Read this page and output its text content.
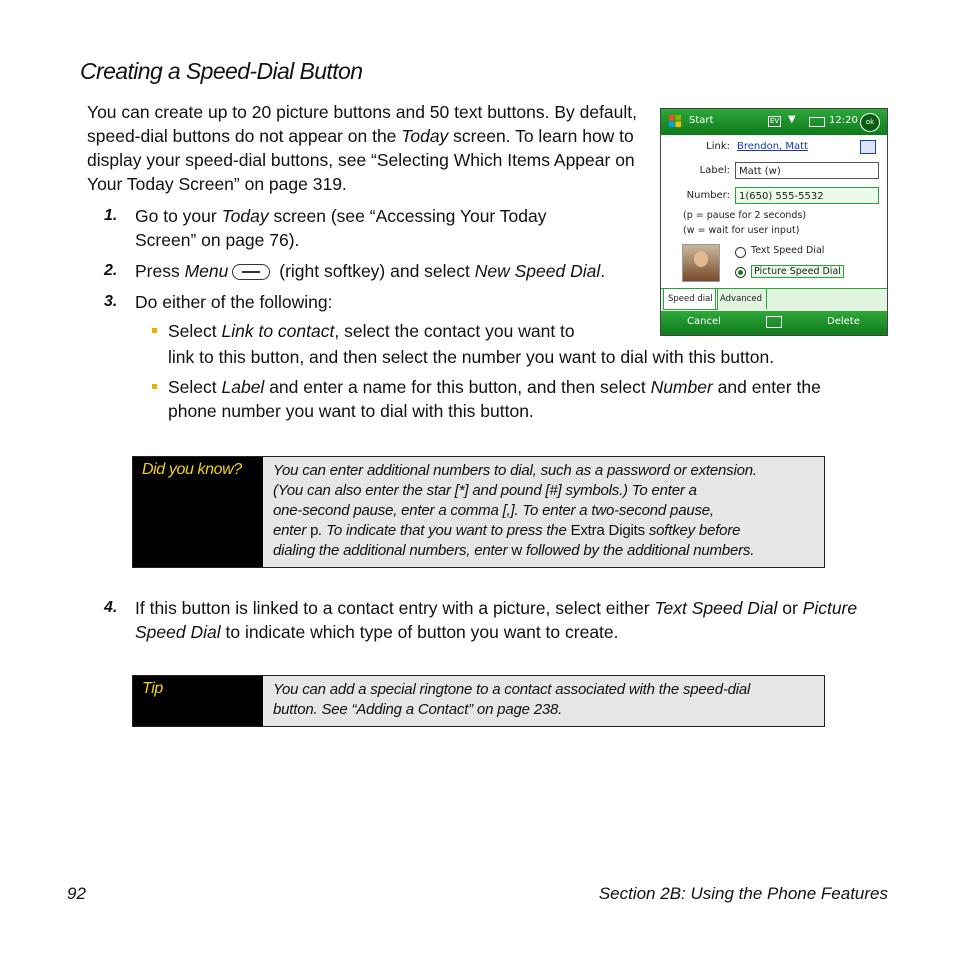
Creating a Speed-Dial Button

You can create up to 20 picture buttons and 50 text buttons. By default, speed-dial buttons do not appear on the Today screen. To learn how to display your speed-dial buttons, see “Selecting Which Items Appear on Your Today Screen” on page 319.

1. Go to your Today screen (see “Accessing Your Today Screen” on page 76).
2. Press Menu	(right softkey) and select New Speed Dial.
3. Do either of the following:
Select Link to contact, select the contact you want to
link to this button, and then select the number you want to dial with this button.
Select Label and enter a name for this button, and then select Number and enter the phone number you want to dial with this button.
Start	EV ▼	12:20	ok
Link: Brendon, Matt
Label: Matt (w)
Number: 1(650) 555-5532
(p = pause for 2 seconds)
(w = wait for user input)
Text Speed Dial
Picture Speed Dial
Speed dial Advanced
Cancel	Delete
Did you know?	You can enter additional numbers to dial, such as a password or extension.
(You can also enter the star [*] and pound [#] symbols.) To enter a
one-second pause, enter a comma [,]. To enter a two-second pause,
enter p. To indicate that you want to press the Extra Digits softkey before
dialing the additional numbers, enter w followed by the additional numbers.
4. If this button is linked to a contact entry with a picture, select either Text Speed Dial or Picture Speed Dial to indicate which type of button you want to create.
Tip	You can add a special ringtone to a contact associated with the speed-dial
button. See “Adding a Contact” on page 238.
92	Section 2B: Using the Phone Features
